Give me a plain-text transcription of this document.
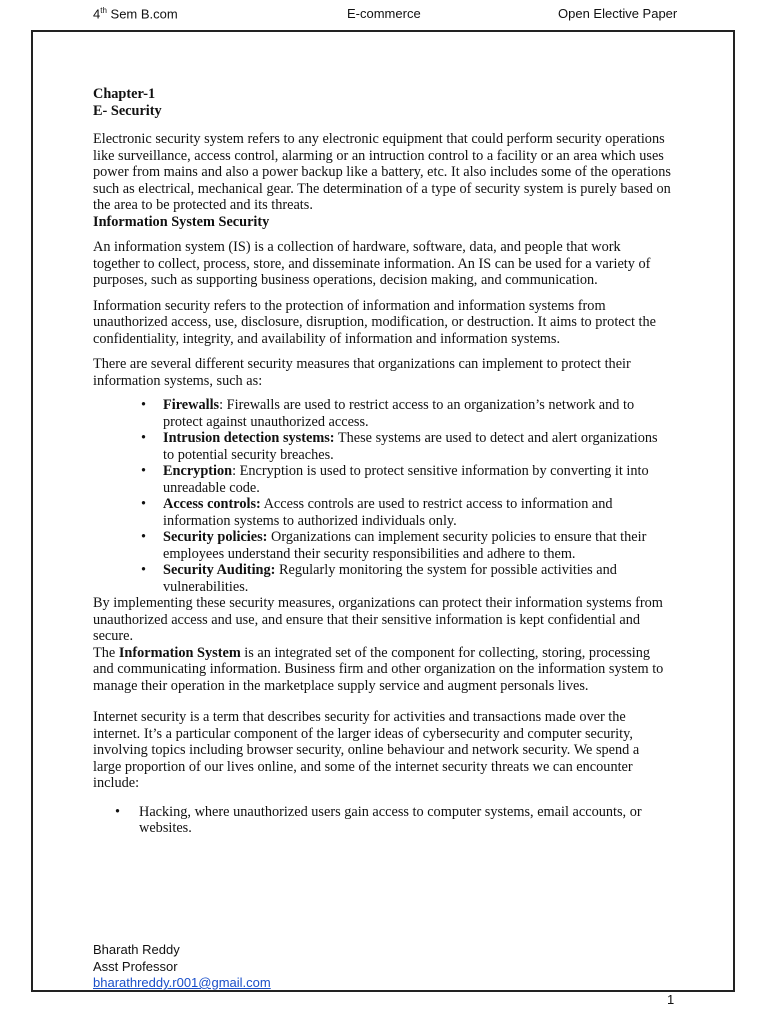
4th Sem B.com	E-commerce	Open Elective Paper

Chapter-1

E- Security

Electronic security system refers to any electronic equipment that could perform security operations like surveillance, access control, alarming or an intruction control to a facility or an area which uses power from mains and also a power backup like a battery, etc. It also includes some of the operations such as electrical, mechanical gear. The determination of a type of security system is purely based on the area to be protected and its threats.

Information System Security

An information system (IS) is a collection of hardware, software, data, and people that work together to collect, process, store, and disseminate information. An IS can be used for a variety of purposes, such as supporting business operations, decision making, and communication.

Information security refers to the protection of information and information systems from unauthorized access, use, disclosure, disruption, modification, or destruction. It aims to protect the confidentiality, integrity, and availability of information and information systems.

There are several different security measures that organizations can implement to protect their information systems, such as:

• Firewalls: Firewalls are used to restrict access to an organization’s network and to protect against unauthorized access.
• Intrusion detection systems: These systems are used to detect and alert organizations to potential security breaches.
• Encryption: Encryption is used to protect sensitive information by converting it into unreadable code.
• Access controls: Access controls are used to restrict access to information and information systems to authorized individuals only.
• Security policies: Organizations can implement security policies to ensure that their employees understand their security responsibilities and adhere to them.
• Security Auditing: Regularly monitoring the system for possible activities and vulnerabilities.

By implementing these security measures, organizations can protect their information systems from unauthorized access and use, and ensure that their sensitive information is kept confidential and secure.

The Information System is an integrated set of the component for collecting, storing, processing and communicating information. Business firm and other organization on the information system to manage their operation in the marketplace supply service and augment personals lives.

Internet security is a term that describes security for activities and transactions made over the internet. It’s a particular component of the larger ideas of cybersecurity and computer security, involving topics including browser security, online behaviour and network security. We spend a large proportion of our lives online, and some of the internet security threats we can encounter include:

• Hacking, where unauthorized users gain access to computer systems, email accounts, or websites.
Bharath Reddy
Asst Professor
bharathreddy.r001@gmail.com
1
